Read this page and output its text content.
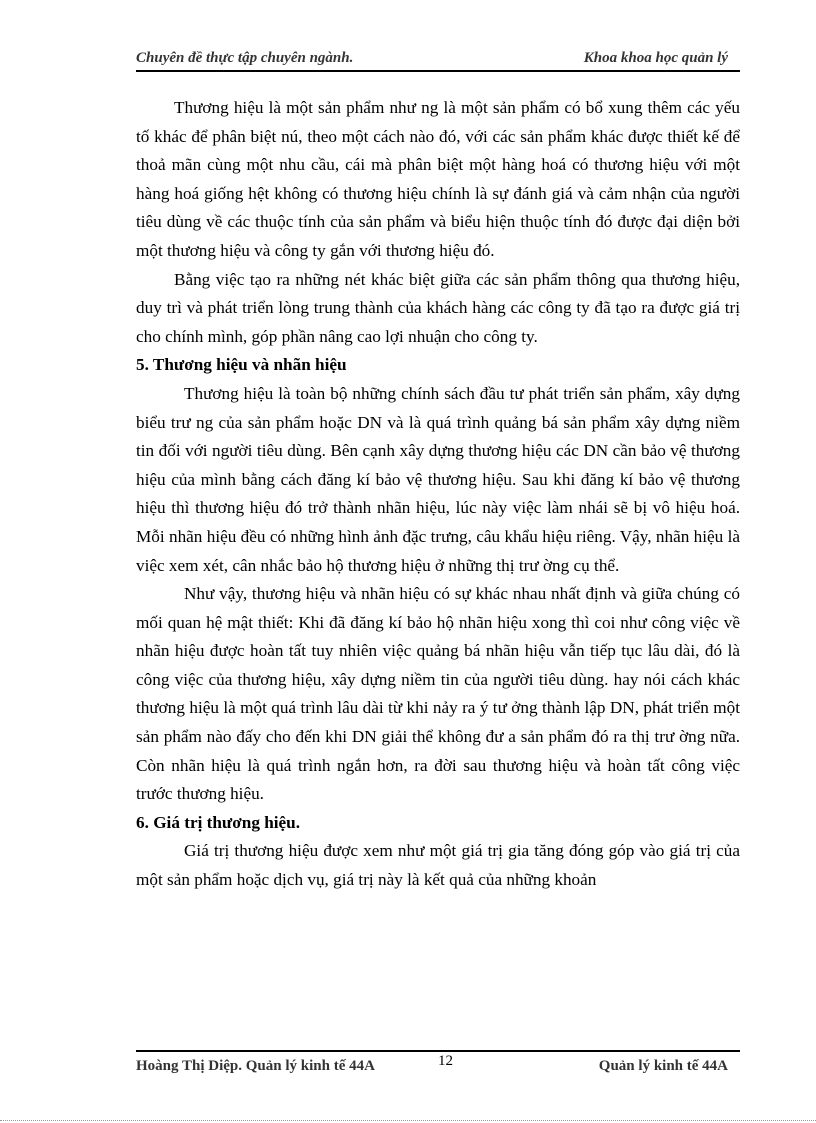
Chuyên đề thực tập chuyên ngành.	Khoa khoa học quản lý

Thương hiệu là một sản phẩm như ng là một sản phẩm có bổ xung thêm các yếu tố khác để phân biệt nú, theo một cách nào đó, với các sản phẩm khác được thiết kế để thoả mãn cùng một nhu cầu, cái mà phân biệt một hàng hoá có thương hiệu với một hàng hoá giống hệt không có thương hiệu chính là sự đánh giá và cảm nhận của người tiêu dùng về các thuộc tính của sản phẩm và biểu hiện thuộc tính đó được đại diện bởi một thương hiệu và công ty gắn với thương hiệu đó.

Bằng việc tạo ra những nét khác biệt giữa các sản phẩm thông qua thương hiệu, duy trì và phát triển lòng trung thành của khách hàng các công ty đã tạo ra được giá trị cho chính mình, góp phần nâng cao lợi nhuận cho công ty.

5. Thương hiệu và nhãn hiệu

Thương hiệu là toàn bộ những chính sách đầu tư phát triển sản phẩm, xây dựng biểu trư ng của sản phẩm hoặc DN và là quá trình quảng bá sản phẩm xây dựng niềm tin đối với người tiêu dùng. Bên cạnh xây dựng thương hiệu các DN cần bảo vệ thương hiệu của mình bằng cách đăng kí bảo vệ thương hiệu. Sau khi đăng kí bảo vệ thương hiệu thì thương hiệu đó trở thành nhãn hiệu, lúc này việc làm nhái sẽ bị vô hiệu hoá. Mỗi nhãn hiệu đều có những hình ảnh đặc trưng, câu khẩu hiệu riêng. Vậy, nhãn hiệu là việc xem xét, cân nhắc bảo hộ thương hiệu ở những thị trư ờng cụ thể.

Như vậy, thương hiệu và nhãn hiệu có sự khác nhau nhất định và giữa chúng có mối quan hệ mật thiết: Khi đã đăng kí bảo hộ nhãn hiệu xong thì coi như công việc về nhãn hiệu được hoàn tất tuy nhiên việc quảng bá nhãn hiệu vẫn tiếp tục lâu dài, đó là công việc của thương hiệu, xây dựng niềm tin của người tiêu dùng. hay nói cách khác thương hiệu là một quá trình lâu dài từ khi nảy ra ý tư ởng thành lập DN, phát triển một sản phẩm nào đấy cho đến khi DN giải thể không đư a sản phẩm đó ra thị trư ờng nữa. Còn nhãn hiệu là quá trình ngắn hơn, ra đời sau thương hiệu và hoàn tất công việc trước thương hiệu.

6. Giá trị thương hiệu.

Giá trị thương hiệu được xem như một giá trị gia tăng đóng góp vào giá trị của một sản phẩm hoặc dịch vụ, giá trị này là kết quả của những khoản

Hoàng Thị Diệp. Quản lý kinh tế 44A	12	Quản lý kinh tế 44A
